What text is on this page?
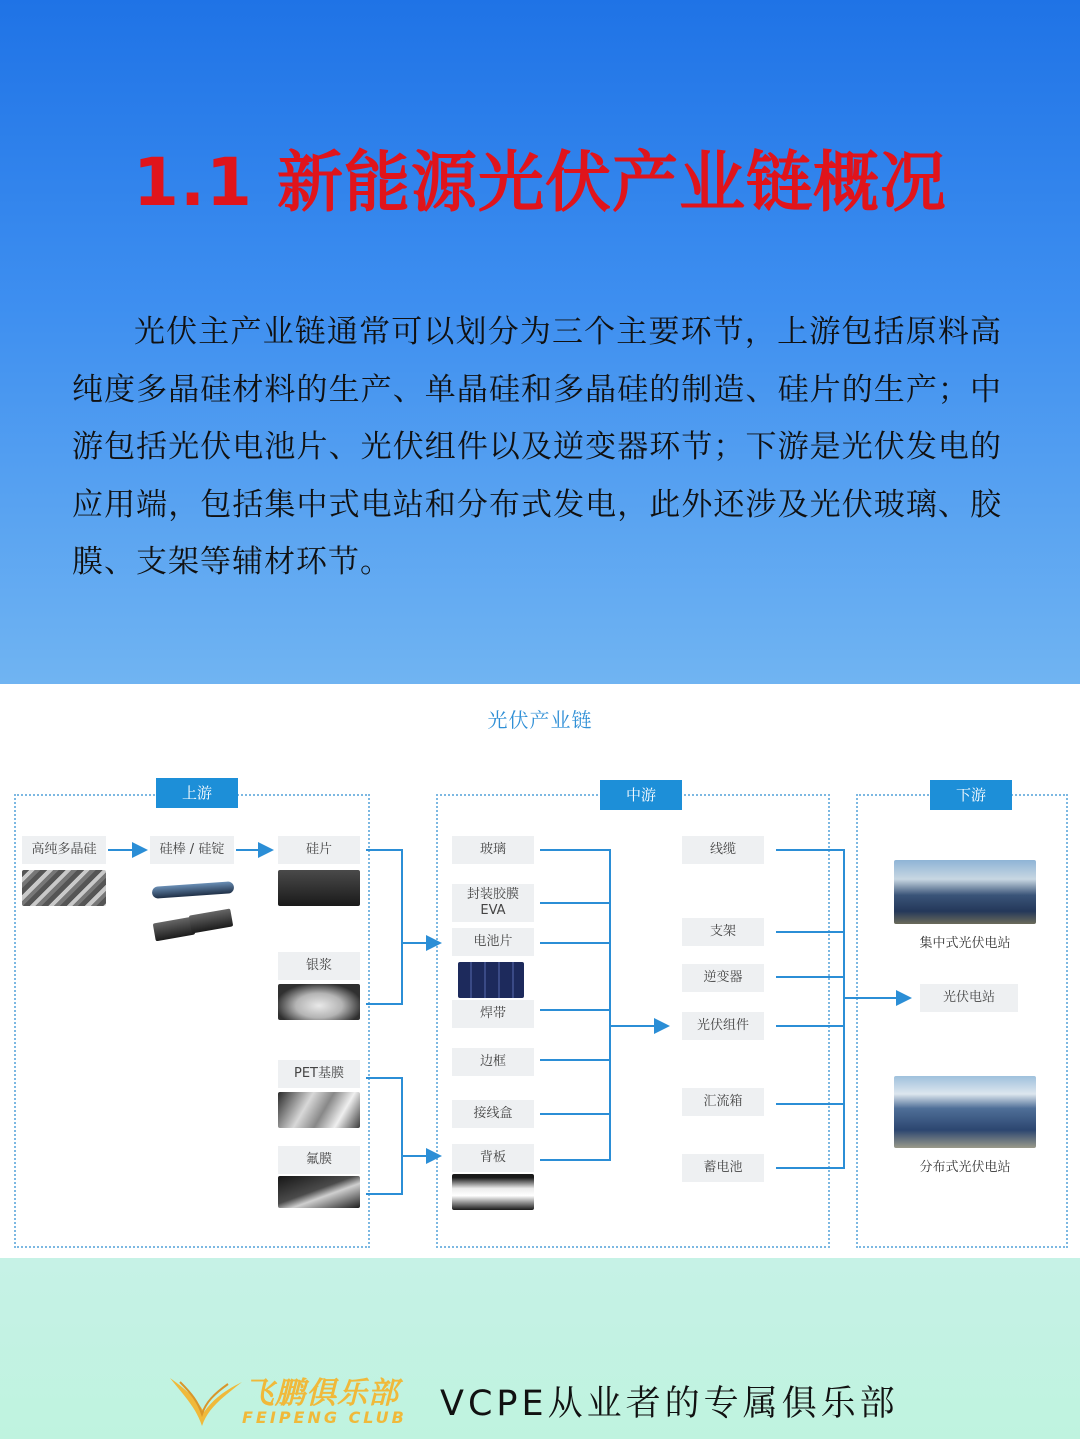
1.1 新能源光伏产业链概况
光伏主产业链通常可以划分为三个主要环节，上游包括原料高纯度多晶硅材料的生产、单晶硅和多晶硅的制造、硅片的生产；中游包括光伏电池片、光伏组件以及逆变器环节；下游是光伏发电的应用端，包括集中式电站和分布式发电，此外还涉及光伏玻璃、胶膜、支架等辅材环节。
光伏产业链
上游	中游	下游
高纯多晶硅	硅棒 / 硅锭	硅片
银浆
PET基膜
氟膜
玻璃
封装胶膜
EVA
电池片
焊带
边框
接线盒
背板
线缆
支架
逆变器
光伏组件
汇流箱
蓄电池
集中式光伏电站
光伏电站
分布式光伏电站
飞鹏俱乐部
FEIPENG CLUB VCPE从业者的专属俱乐部
